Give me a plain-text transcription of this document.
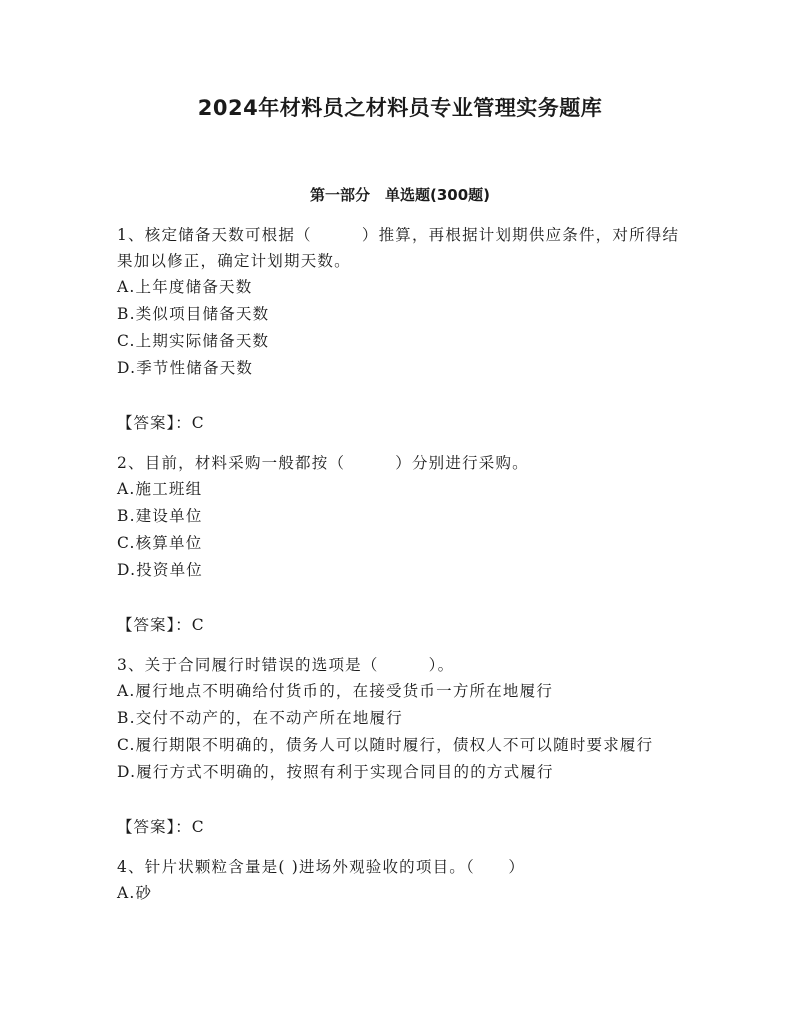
2024年材料员之材料员专业管理实务题库
第一部分　单选题(300题)

1、核定储备天数可根据（　　　）推算，再根据计划期供应条件，对所得结果加以修正，确定计划期天数。

A.上年度储备天数

B.类似项目储备天数

C.上期实际储备天数

D.季节性储备天数

【答案】：C

2、目前，材料采购一般都按（　　　）分别进行采购。

A.施工班组

B.建设单位

C.核算单位

D.投资单位

【答案】：C

3、关于合同履行时错误的选项是（　　　）。

A.履行地点不明确给付货币的，在接受货币一方所在地履行

B.交付不动产的，在不动产所在地履行

C.履行期限不明确的，债务人可以随时履行，债权人不可以随时要求履行

D.履行方式不明确的，按照有利于实现合同目的的方式履行

【答案】：C

4、针片状颗粒含量是( )进场外观验收的项目。（　　）

A.砂
